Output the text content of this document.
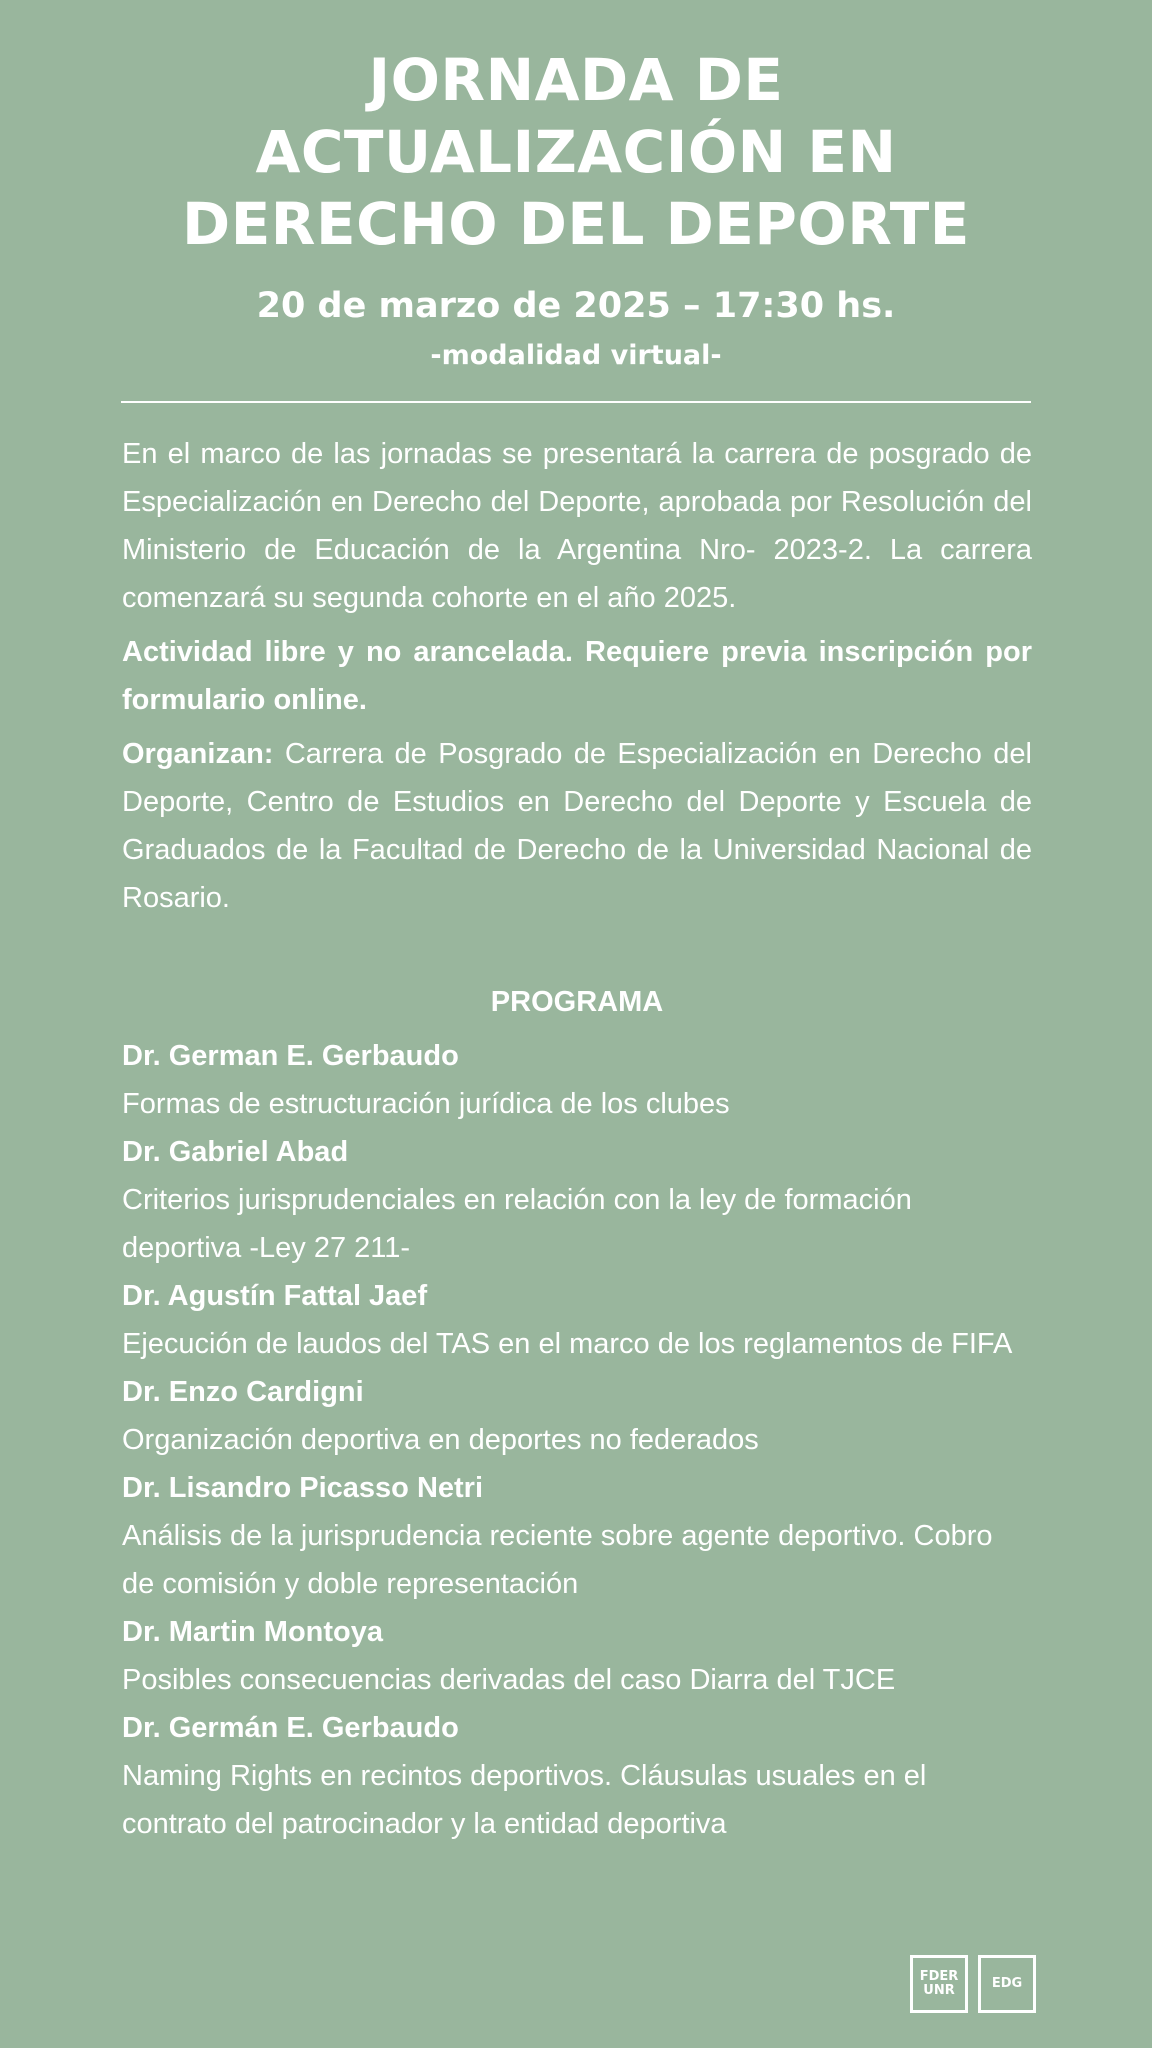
JORNADA DE
ACTUALIZACIÓN EN
DERECHO DEL DEPORTE
20 de marzo de 2025 – 17:30 hs.
-modalidad virtual-

En el marco de las jornadas se presentará la carrera de posgrado de Especialización en Derecho del Deporte, aprobada por Resolución del Ministerio de Educación de la Argentina Nro- 2023-2. La carrera comenzará su segunda cohorte en el año 2025.

Actividad libre y no arancelada. Requiere previa inscripción por formulario online.

Organizan: Carrera de Posgrado de Especialización en Derecho del Deporte, Centro de Estudios en Derecho del Deporte y Escuela de Graduados de la Facultad de Derecho de la Universidad Nacional de Rosario.

PROGRAMA

Dr. German E. Gerbaudo

Formas de estructuración jurídica de los clubes

Dr. Gabriel Abad

Criterios jurisprudenciales en relación con la ley de formación deportiva -Ley 27 211-

Dr. Agustín Fattal Jaef

Ejecución de laudos del TAS en el marco de los reglamentos de FIFA

Dr. Enzo Cardigni

Organización deportiva en deportes no federados

Dr. Lisandro Picasso Netri

Análisis de la jurisprudencia reciente sobre agente deportivo. Cobro de comisión y doble representación

Dr. Martin Montoya

Posibles consecuencias derivadas del caso Diarra del TJCE

Dr. Germán E. Gerbaudo

Naming Rights en recintos deportivos. Cláusulas usuales en el contrato del patrocinador y la entidad deportiva

FDER
UNR	EDG
